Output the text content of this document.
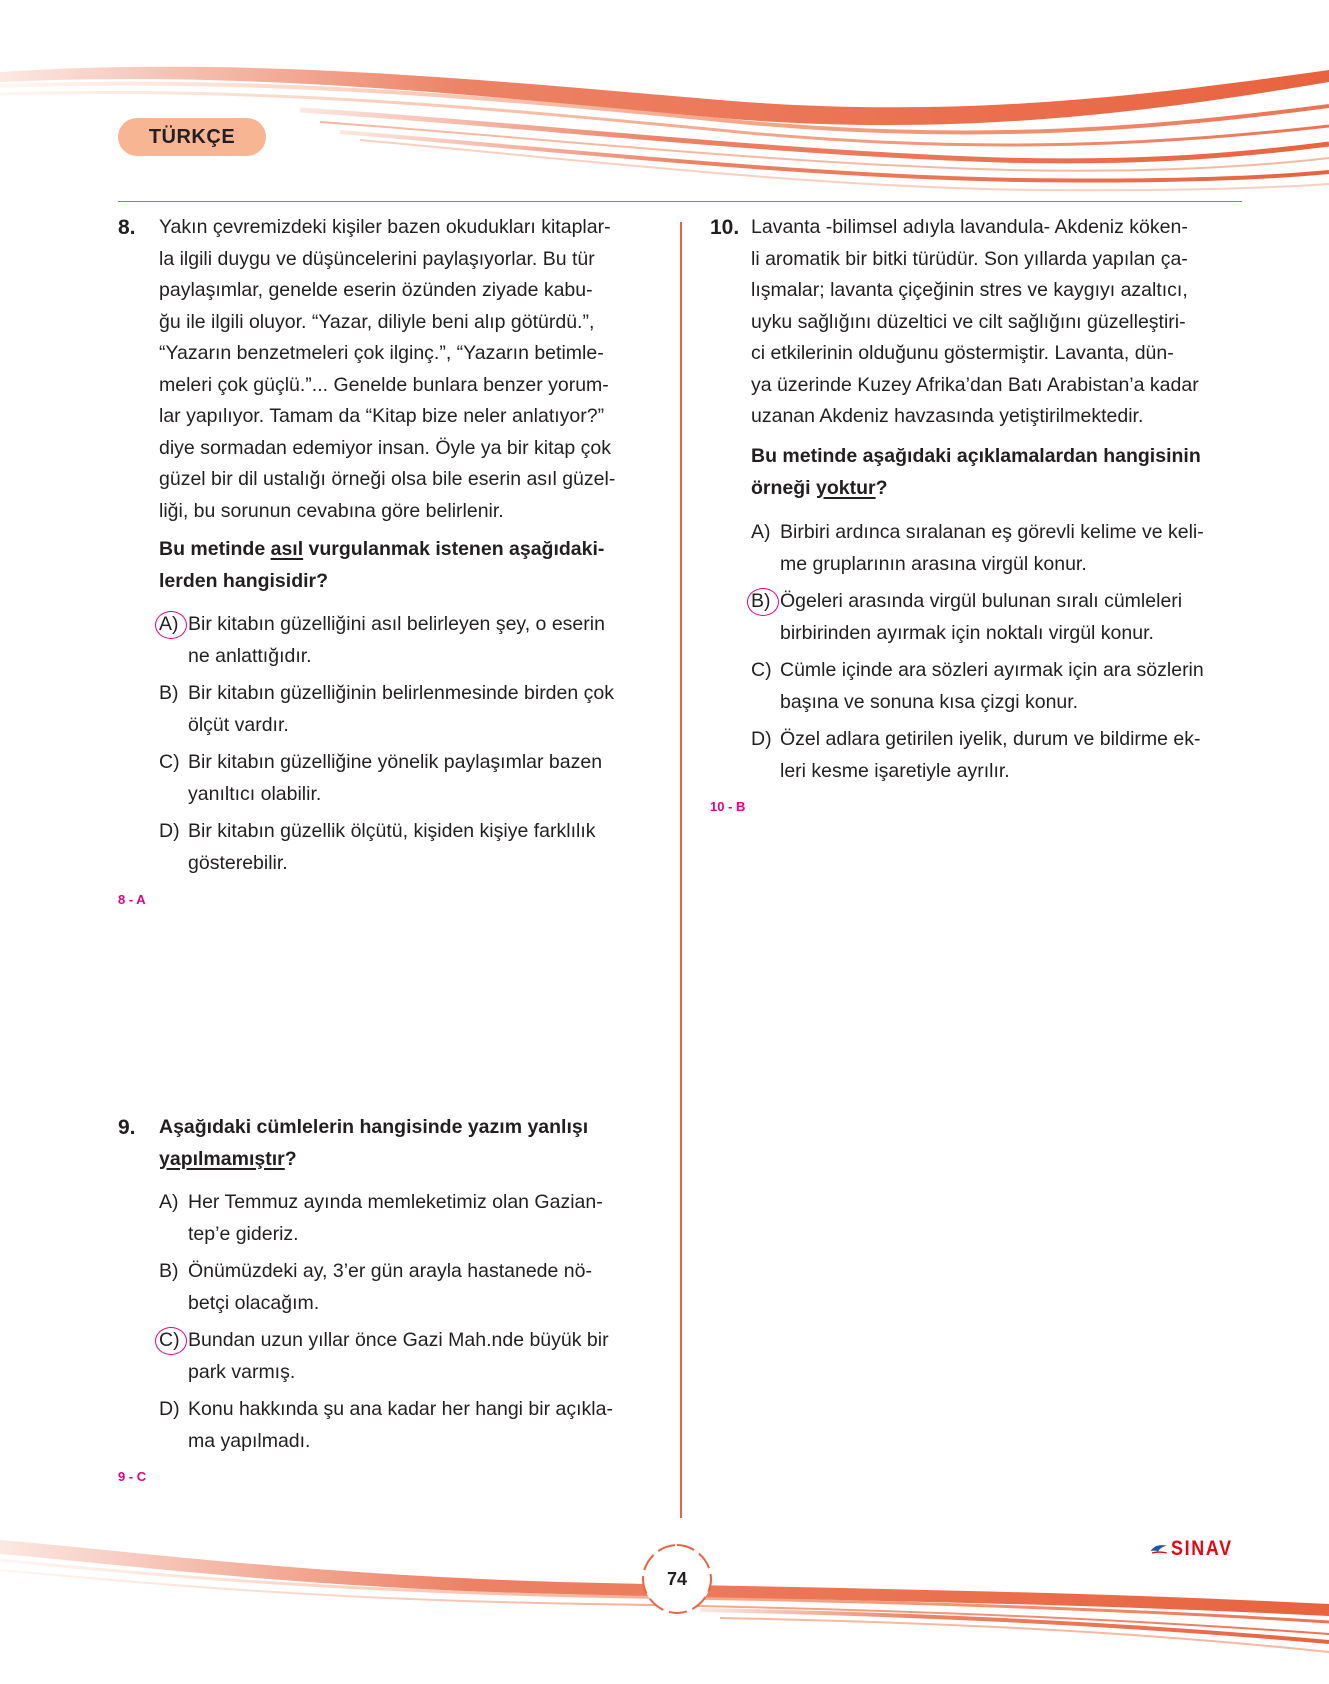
TÜRKÇE
8. Yakın çevremizdeki kişiler bazen okudukları kitaplar-
la ilgili duygu ve düşüncelerini paylaşıyorlar. Bu tür
paylaşımlar, genelde eserin özünden ziyade kabu-
ğu ile ilgili oluyor. “Yazar, diliyle beni alıp götürdü.”,
“Yazarın benzetmeleri çok ilginç.”, “Yazarın betimle-
meleri çok güçlü.”... Genelde bunlara benzer yorum-
lar yapılıyor. Tamam da “Kitap bize neler anlatıyor?”
diye sormadan edemiyor insan. Öyle ya bir kitap çok
güzel bir dil ustalığı örneği olsa bile eserin asıl güzel-
liği, bu sorunun cevabına göre belirlenir.
Bu metinde asıl vurgulanmak istenen aşağıdaki-
lerden hangisidir?
A) Bir kitabın güzelliğini asıl belirleyen şey, o eserin
ne anlattığıdır.
B) Bir kitabın güzelliğinin belirlenmesinde birden çok
ölçüt vardır.
C) Bir kitabın güzelliğine yönelik paylaşımlar bazen
yanıltıcı olabilir.
D) Bir kitabın güzellik ölçütü, kişiden kişiye farklılık
gösterebilir.
8 - A
9. Aşağıdaki cümlelerin hangisinde yazım yanlışı
yapılmamıştır?
A) Her Temmuz ayında memleketimiz olan Gazian-
tep’e gideriz.
B) Önümüzdeki ay, 3’er gün arayla hastanede nö-
betçi olacağım.
C) Bundan uzun yıllar önce Gazi Mah.nde büyük bir
park varmış.
D) Konu hakkında şu ana kadar her hangi bir açıkla-
ma yapılmadı.
9 - C
10. Lavanta -bilimsel adıyla lavandula- Akdeniz köken-
li aromatik bir bitki türüdür. Son yıllarda yapılan ça-
lışmalar; lavanta çiçeğinin stres ve kaygıyı azaltıcı,
uyku sağlığını düzeltici ve cilt sağlığını güzelleştiri-
ci etkilerinin olduğunu göstermiştir. Lavanta, dün-
ya üzerinde Kuzey Afrika’dan Batı Arabistan’a kadar
uzanan Akdeniz havzasında yetiştirilmektedir.
Bu metinde aşağıdaki açıklamalardan hangisinin
örneği yoktur?
A) Birbiri ardınca sıralanan eş görevli kelime ve keli-
me gruplarının arasına virgül konur.
B) Ögeleri arasında virgül bulunan sıralı cümleleri
birbirinden ayırmak için noktalı virgül konur.
C) Cümle içinde ara sözleri ayırmak için ara sözlerin
başına ve sonuna kısa çizgi konur.
D) Özel adlara getirilen iyelik, durum ve bildirme ek-
leri kesme işaretiyle ayrılır.
10 - B
SINAV
74
